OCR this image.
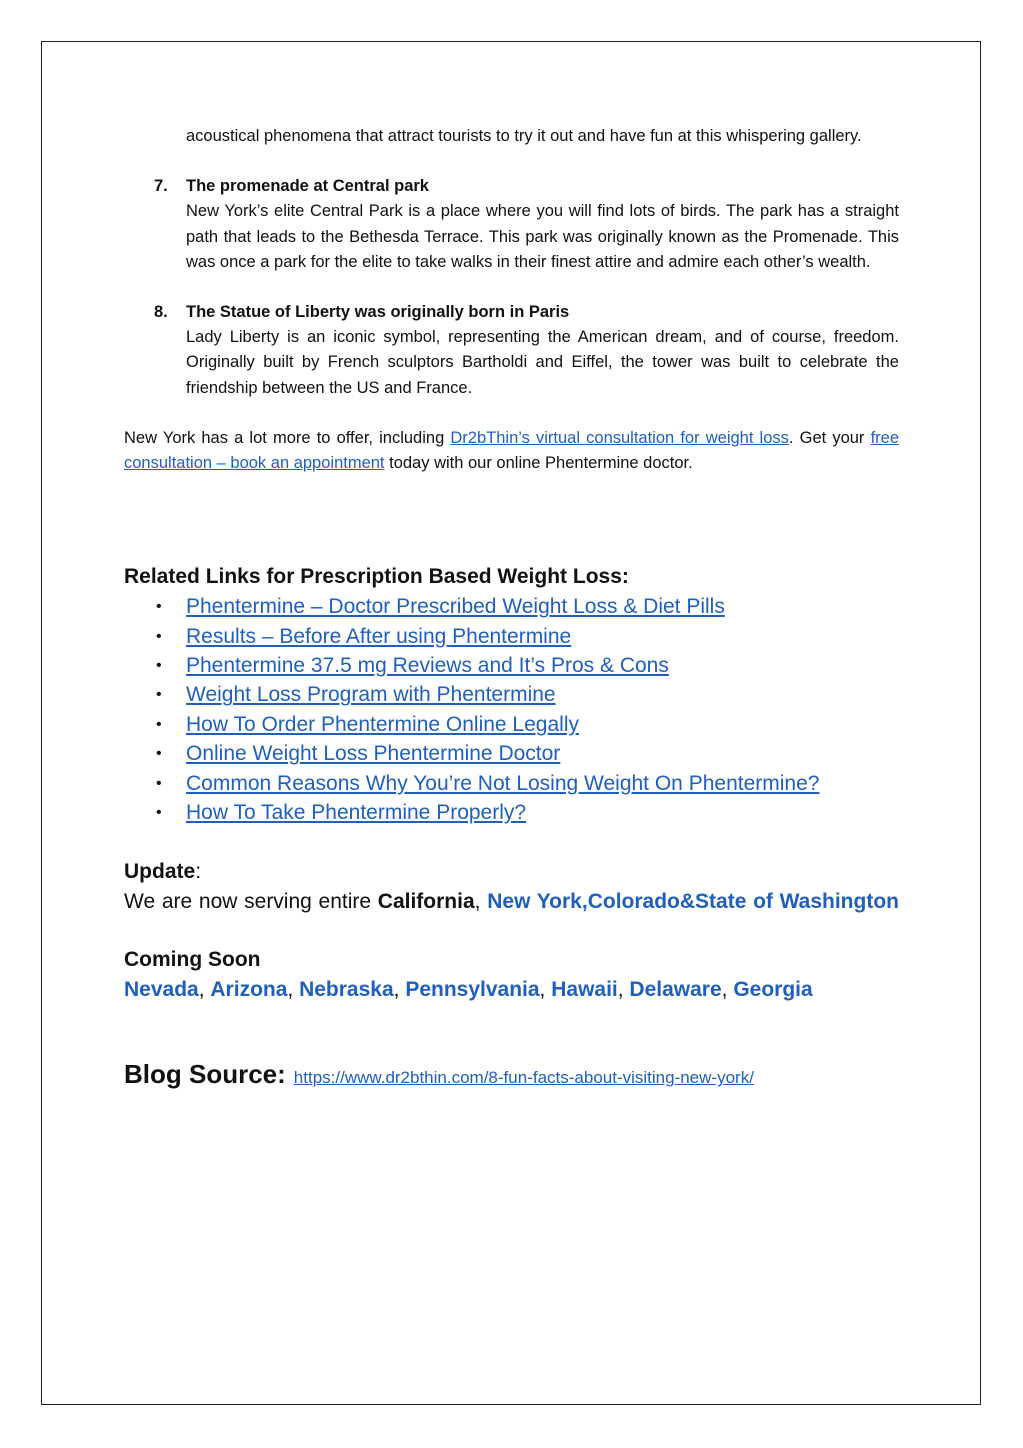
acoustical phenomena that attract tourists to try it out and have fun at this whispering gallery.
7. The promenade at Central park
New York’s elite Central Park is a place where you will find lots of birds. The park has a straight path that leads to the Bethesda Terrace. This park was originally known as the Promenade. This was once a park for the elite to take walks in their finest attire and admire each other’s wealth.
8. The Statue of Liberty was originally born in Paris
Lady Liberty is an iconic symbol, representing the American dream, and of course, freedom. Originally built by French sculptors Bartholdi and Eiffel, the tower was built to celebrate the friendship between the US and France.
New York has a lot more to offer, including Dr2bThin’s virtual consultation for weight loss. Get your free consultation – book an appointment today with our online Phentermine doctor.
Related Links for Prescription Based Weight Loss:
• Phentermine – Doctor Prescribed Weight Loss & Diet Pills
• Results – Before After using Phentermine
• Phentermine 37.5 mg Reviews and It’s Pros & Cons
• Weight Loss Program with Phentermine
• How To Order Phentermine Online Legally
• Online Weight Loss Phentermine Doctor
• Common Reasons Why You’re Not Losing Weight On Phentermine?
• How To Take Phentermine Properly?
Update:
We are now serving entire California, New York,Colorado&State of Washington
Coming Soon
Nevada, Arizona, Nebraska, Pennsylvania, Hawaii, Delaware, Georgia
Blog Source: https://www.dr2bthin.com/8-fun-facts-about-visiting-new-york/
